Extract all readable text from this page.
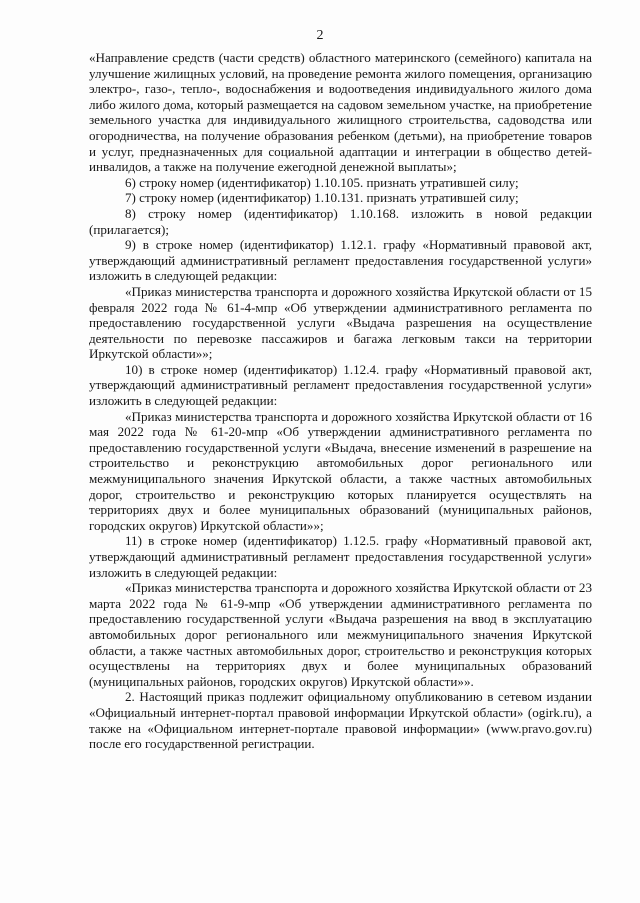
2

«Направление средств (части средств) областного материнского (семейного) капитала на улучшение жилищных условий, на проведение ремонта жилого помещения, организацию электро-, газо-, тепло-, водоснабжения и водоотведения индивидуального жилого дома либо жилого дома, который размещается на садовом земельном участке, на приобретение земельного участка для индивидуального жилищного строительства, садоводства или огородничества, на получение образования ребенком (детьми), на приобретение товаров и услуг, предназначенных для социальной адаптации и интеграции в общество детей-инвалидов, а также на получение ежегодной денежной выплаты»;

6) строку номер (идентификатор) 1.10.105. признать утратившей силу;

7) строку номер (идентификатор) 1.10.131. признать утратившей силу;

8) строку номер (идентификатор) 1.10.168. изложить в новой редакции (прилагается);

9) в строке номер (идентификатор) 1.12.1. графу «Нормативный правовой акт, утверждающий административный регламент предоставления государственной услуги» изложить в следующей редакции:

«Приказ министерства транспорта и дорожного хозяйства Иркутской области от 15 февраля 2022 года № 61-4-мпр «Об утверждении административного регламента по предоставлению государственной услуги «Выдача разрешения на осуществление деятельности по перевозке пассажиров и багажа легковым такси на территории Иркутской области»»;

10) в строке номер (идентификатор) 1.12.4. графу «Нормативный правовой акт, утверждающий административный регламент предоставления государственной услуги» изложить в следующей редакции:

«Приказ министерства транспорта и дорожного хозяйства Иркутской области от 16 мая 2022 года № 61-20-мпр «Об утверждении административного регламента по предоставлению государственной услуги «Выдача, внесение изменений в разрешение на строительство и реконструкцию автомобильных дорог регионального или межмуниципального значения Иркутской области, а также частных автомобильных дорог, строительство и реконструкцию которых планируется осуществлять на территориях двух и более муниципальных образований (муниципальных районов, городских округов) Иркутской области»»;

11) в строке номер (идентификатор) 1.12.5. графу «Нормативный правовой акт, утверждающий административный регламент предоставления государственной услуги» изложить в следующей редакции:

«Приказ министерства транспорта и дорожного хозяйства Иркутской области от 23 марта 2022 года № 61-9-мпр «Об утверждении административного регламента по предоставлению государственной услуги «Выдача разрешения на ввод в эксплуатацию автомобильных дорог регионального или межмуниципального значения Иркутской области, а также частных автомобильных дорог, строительство и реконструкция которых осуществлены на территориях двух и более муниципальных образований (муниципальных районов, городских округов) Иркутской области»».

2. Настоящий приказ подлежит официальному опубликованию в сетевом издании «Официальный интернет-портал правовой информации Иркутской области» (ogirk.ru), а также на «Официальном интернет-портале правовой информации» (www.pravo.gov.ru) после его государственной регистрации.
